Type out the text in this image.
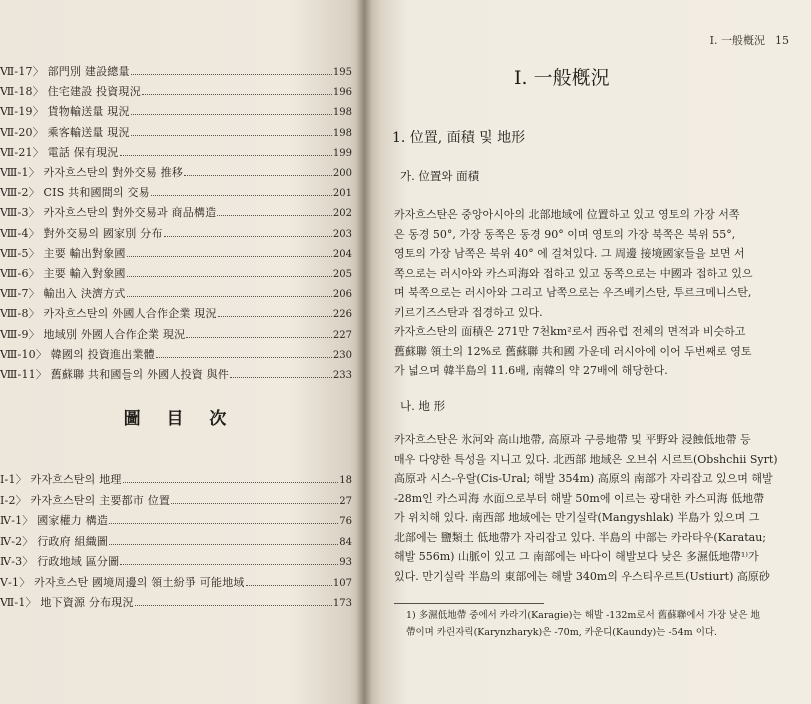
Ⅶ-17〉 部門別 建設總量	195
Ⅶ-18〉 住宅建設 投資現況	196
Ⅶ-19〉 貨物輸送量 現況	198
Ⅶ-20〉 乘客輸送量 現況	198
Ⅶ-21〉 電話 保有現況	199
Ⅷ-1〉 카자흐스탄의 對外交易 推移	200
Ⅷ-2〉 CIS 共和國間의 交易	201
Ⅷ-3〉 카자흐스탄의 對外交易과 商品構造	202
Ⅷ-4〉 對外交易의 國家別 分布	203
Ⅷ-5〉 主要 輸出對象國	204
Ⅷ-6〉 主要 輸入對象國	205
Ⅷ-7〉 輸出入 決濟方式	206
Ⅷ-8〉 카자흐스탄의 外國人合作企業 現況	226
Ⅷ-9〉 地域別 外國人合作企業 現況	227
Ⅷ-10〉 韓國의 投資進出業體	230
Ⅷ-11〉 舊蘇聯 共和國들의 外國人投資 與件	233
圖 目 次
Ⅰ-1〉 카자흐스탄의 地理	18
Ⅰ-2〉 카자흐스탄의 主要都市 位置	27
Ⅳ-1〉 國家權力 構造	76
Ⅳ-2〉 行政府 組織圖	84
Ⅳ-3〉 行政地域 區分圖	93
Ⅴ-1〉 카자흐스탄 國境周邊의 領土紛爭 可能地域	107
Ⅶ-1〉 地下資源 分布現況	173
Ⅰ. 一般槪況 15
Ⅰ. 一般槪況
1. 位置, 面積 및 地形
가. 位置와 面積
카자흐스탄은 중앙아시아의 北部地域에 位置하고 있고 영토의 가장 서쪽
은 동경 50°, 가장 동쪽은 동경 90° 이며 영토의 가장 북쪽은 북위 55°,
영토의 가장 남쪽은 북위 40° 에 걸쳐있다. 그 周邊 接境國家들을 보면 서
쪽으로는 러시아와 카스피海와 접하고 있고 동쪽으로는 中國과 접하고 있으
며 북쪽으로는 러시아와 그리고 남쪽으로는 우즈베키스탄, 투르크메니스탄,
키르기즈스탄과 접경하고 있다.
카자흐스탄의 面積은 271만 7천km²로서 西유럽 전체의 면적과 비슷하고
舊蘇聯 領土의 12%로 舊蘇聯 共和國 가운데 러시아에 이어 두번째로 영토
가 넓으며 韓半島의 11.6배, 南韓의 약 27배에 해당한다.
나. 地 形
카자흐스탄은 氷河와 高山地帶, 高原과 구릉地帶 및 平野와 浸蝕低地帶 등
매우 다양한 특성을 지니고 있다. 北西部 地域은 오브쉬 시르트(Obshchii Syrt)
高原과 시스-우랄(Cis-Ural; 해발 354m) 高原의 南部가 자리잡고 있으며 해발
-28m인 카스피海 水面으로부터 해발 50m에 이르는 광대한 카스피海 低地帶
가 위치해 있다. 南西部 地域에는 만기실락(Mangyshlak) 半島가 있으며 그
北部에는 鹽類土 低地帶가 자리잡고 있다. 半島의 中部는 카라타우(Karatau;
해발 556m) 山脈이 있고 그 南部에는 바다이 해발보다 낮은 多濕低地帶¹⁾가
있다. 만기실락 半島의 東部에는 해발 340m의 우스티우르트(Ustiurt) 高原砂
1) 多濕低地帶 중에서 카라기(Karagie)는 해발 -132m로서 舊蘇聯에서 가장 낮은 地
帶이며 카린자릭(Karynzharyk)은 -70m, 카운디(Kaundy)는 -54m 이다.
